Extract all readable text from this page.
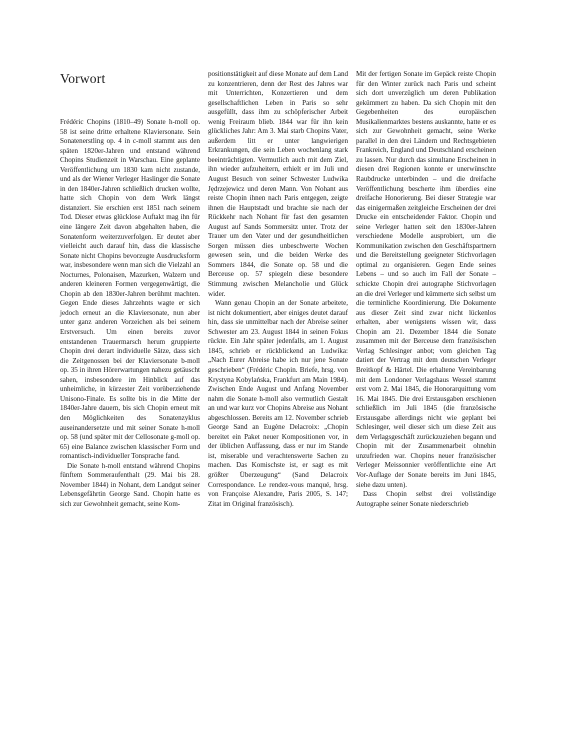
Vorwort

Frédéric Chopins (1810–49) Sonate h-moll op. 58 ist seine dritte erhaltene Klaviersonate. Sein Sonatenerstling op. 4 in c-moll stammt aus den späten 1820er-Jahren und entstand während Chopins Studienzeit in Warschau. Eine geplante Veröffentlichung um 1830 kam nicht zustande, und als der Wiener Verleger Haslinger die Sonate in den 1840er-Jahren schließlich drucken wollte, hatte sich Chopin von dem Werk längst distanziert. Sie erschien erst 1851 nach seinem Tod. Dieser etwas glücklose Auftakt mag ihn für eine längere Zeit davon abgehalten haben, die Sonatenform weiterzuverfolgen. Er deutet aber vielleicht auch darauf hin, dass die klassische Sonate nicht Chopins bevorzugte Ausdrucksform war, insbesondere wenn man sich die Vielzahl an Nocturnes, Polonaisen, Mazurken, Walzern und anderen kleineren Formen vergegenwärtigt, die Chopin ab den 1830er-Jahren berühmt machten. Gegen Ende dieses Jahrzehnts wagte er sich jedoch erneut an die Klaviersonate, nun aber unter ganz anderen Vorzeichen als bei seinem Erstversuch. Um einen bereits zuvor entstandenen Trauermarsch herum gruppierte Chopin drei derart individuelle Sätze, dass sich die Zeitgenossen bei der Klaviersonate b-moll op. 35 in ihren Hörerwartungen nahezu getäuscht sahen, insbesondere im Hinblick auf das unheimliche, in kürzester Zeit vorüberziehende Unisono-Finale. Es sollte bis in die Mitte der 1840er-Jahre dauern, bis sich Chopin erneut mit den Möglichkeiten des Sonatenzyklus auseinandersetzte und mit seiner Sonate h-moll op. 58 (und später mit der Cellosonate g-moll op. 65) eine Balance zwischen klassischer Form und romantisch-individueller Tonsprache fand.

Die Sonate h-moll entstand während Chopins fünftem Sommeraufenthalt (29. Mai bis 28. November 1844) in Nohant, dem Landgut seiner Lebensgefährtin George Sand. Chopin hatte es sich zur Gewohnheit gemacht, seine Kom-

positionstätigkeit auf diese Monate auf dem Land zu konzentrieren, denn der Rest des Jahres war mit Unterrichten, Konzertieren und dem gesellschaftlichen Leben in Paris so sehr ausgefüllt, dass ihm zu schöpferischer Arbeit wenig Freiraum blieb. 1844 war für ihn kein glückliches Jahr: Am 3. Mai starb Chopins Vater, außerdem litt er unter langwierigen Erkrankungen, die sein Leben wochenlang stark beeinträchtigten. Vermutlich auch mit dem Ziel, ihn wieder aufzuheitern, erhielt er im Juli und August Besuch von seiner Schwester Ludwika Jędrzejewicz und deren Mann. Von Nohant aus reiste Chopin ihnen nach Paris entgegen, zeigte ihnen die Hauptstadt und brachte sie nach der Rückkehr nach Nohant für fast den gesamten August auf Sands Sommersitz unter. Trotz der Trauer um den Vater und der gesundheitlichen Sorgen müssen dies unbeschwerte Wochen gewesen sein, und die beiden Werke des Sommers 1844, die Sonate op. 58 und die Berceuse op. 57 spiegeln diese besondere Stimmung zwischen Melancholie und Glück wider.

Wann genau Chopin an der Sonate arbeitete, ist nicht dokumentiert, aber einiges deutet darauf hin, dass sie unmittelbar nach der Abreise seiner Schwester am 23. August 1844 in seinen Fokus rückte. Ein Jahr später jedenfalls, am 1. August 1845, schrieb er rückblickend an Ludwika: „Nach Eurer Abreise habe ich nur jene Sonate geschrieben“ (Frédéric Chopin. Briefe, hrsg. von Krystyna Kobylańska, Frankfurt am Main 1984). Zwischen Ende August und Anfang November nahm die Sonate h-moll also vermutlich Gestalt an und war kurz vor Chopins Abreise aus Nohant abgeschlossen. Bereits am 12. November schrieb George Sand an Eugène Delacroix: „Chopin bereitet ein Paket neuer Kompositionen vor, in der üblichen Auffassung, dass er nur im Stande ist, miserable und verachtenswerte Sachen zu machen. Das Komischste ist, er sagt es mit größter Überzeugung“ (Sand Delacroix Correspondance. Le rendez-vous manqué, hrsg. von Françoise Alexandre, Paris 2005, S. 147; Zitat im Original französisch).

Mit der fertigen Sonate im Gepäck reiste Chopin für den Winter zurück nach Paris und scheint sich dort unverzüglich um deren Publikation gekümmert zu haben. Da sich Chopin mit den Gegebenheiten des europäischen Musikalienmarktes bestens auskannte, hatte er es sich zur Gewohnheit gemacht, seine Werke parallel in den drei Ländern und Rechtsgebieten Frankreich, England und Deutschland erscheinen zu lassen. Nur durch das simultane Erscheinen in diesen drei Regionen konnte er unerwünschte Raubdrucke unterbinden – und die dreifache Veröffentlichung bescherte ihm überdies eine dreifache Honorierung. Bei dieser Strategie war das einigermaßen zeitgleiche Erscheinen der drei Drucke ein entscheidender Faktor. Chopin und seine Verleger hatten seit den 1830er-Jahren verschiedene Modelle ausprobiert, um die Kommunikation zwischen den Geschäftspartnern und die Bereitstellung geeigneter Stichvorlagen optimal zu organisieren. Gegen Ende seines Lebens – und so auch im Fall der Sonate – schickte Chopin drei autographe Stichvorlagen an die drei Verleger und kümmerte sich selbst um die terminliche Koordinierung. Die Dokumente aus dieser Zeit sind zwar nicht lückenlos erhalten, aber wenigstens wissen wir, dass Chopin am 21. Dezember 1844 die Sonate zusammen mit der Berceuse dem französischen Verlag Schlesinger anbot; vom gleichen Tag datiert der Vertrag mit dem deutschen Verleger Breitkopf & Härtel. Die erhaltene Vereinbarung mit dem Londoner Verlagshaus Wessel stammt erst vom 2. Mai 1845, die Honorarquittung vom 16. Mai 1845. Die drei Erstausgaben erschienen schließlich im Juli 1845 (die französische Erstausgabe allerdings nicht wie geplant bei Schlesinger, weil dieser sich um diese Zeit aus dem Verlagsgeschäft zurückzuziehen begann und Chopin mit der Zusammenarbeit ohnehin unzufrieden war. Chopins neuer französischer Verleger Meissonnier veröffentlichte eine Art Vor-Auflage der Sonate bereits im Juni 1845, siehe dazu unten).

Dass Chopin selbst drei vollständige Autographe seiner Sonate niederschrieb
